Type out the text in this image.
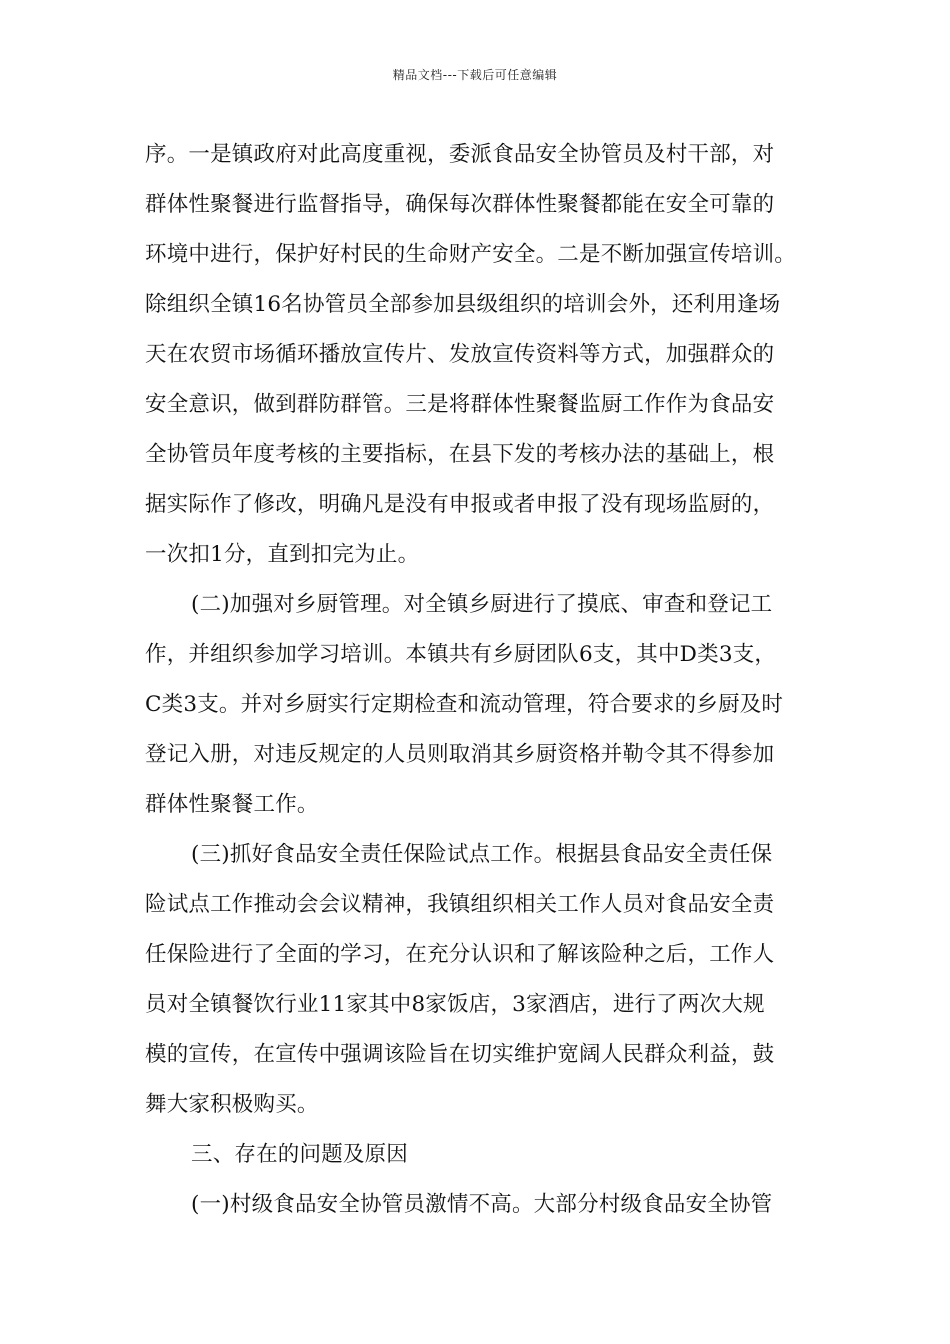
精品文档---下载后可任意编辑
序。一是镇政府对此高度重视，委派食品安全协管员及村干部，对
群体性聚餐进行监督指导，确保每次群体性聚餐都能在安全可靠的
环境中进行，保护好村民的生命财产安全。二是不断加强宣传培训。
除组织全镇16名协管员全部参加县级组织的培训会外，还利用逢场
天在农贸市场循环播放宣传片、发放宣传资料等方式，加强群众的
安全意识，做到群防群管。三是将群体性聚餐监厨工作作为食品安
全协管员年度考核的主要指标，在县下发的考核办法的基础上，根
据实际作了修改，明确凡是没有申报或者申报了没有现场监厨的，
一次扣1分，直到扣完为止。
(二)加强对乡厨管理。对全镇乡厨进行了摸底、审查和登记工
作，并组织参加学习培训。本镇共有乡厨团队6支，其中D类3支，
C类3支。并对乡厨实行定期检查和流动管理，符合要求的乡厨及时
登记入册，对违反规定的人员则取消其乡厨资格并勒令其不得参加
群体性聚餐工作。
(三)抓好食品安全责任保险试点工作。根据县食品安全责任保
险试点工作推动会会议精神，我镇组织相关工作人员对食品安全责
任保险进行了全面的学习，在充分认识和了解该险种之后，工作人
员对全镇餐饮行业11家其中8家饭店，3家酒店，进行了两次大规
模的宣传，在宣传中强调该险旨在切实维护宽阔人民群众利益，鼓
舞大家积极购买。
三、存在的问题及原因
(一)村级食品安全协管员激情不高。大部分村级食品安全协管
